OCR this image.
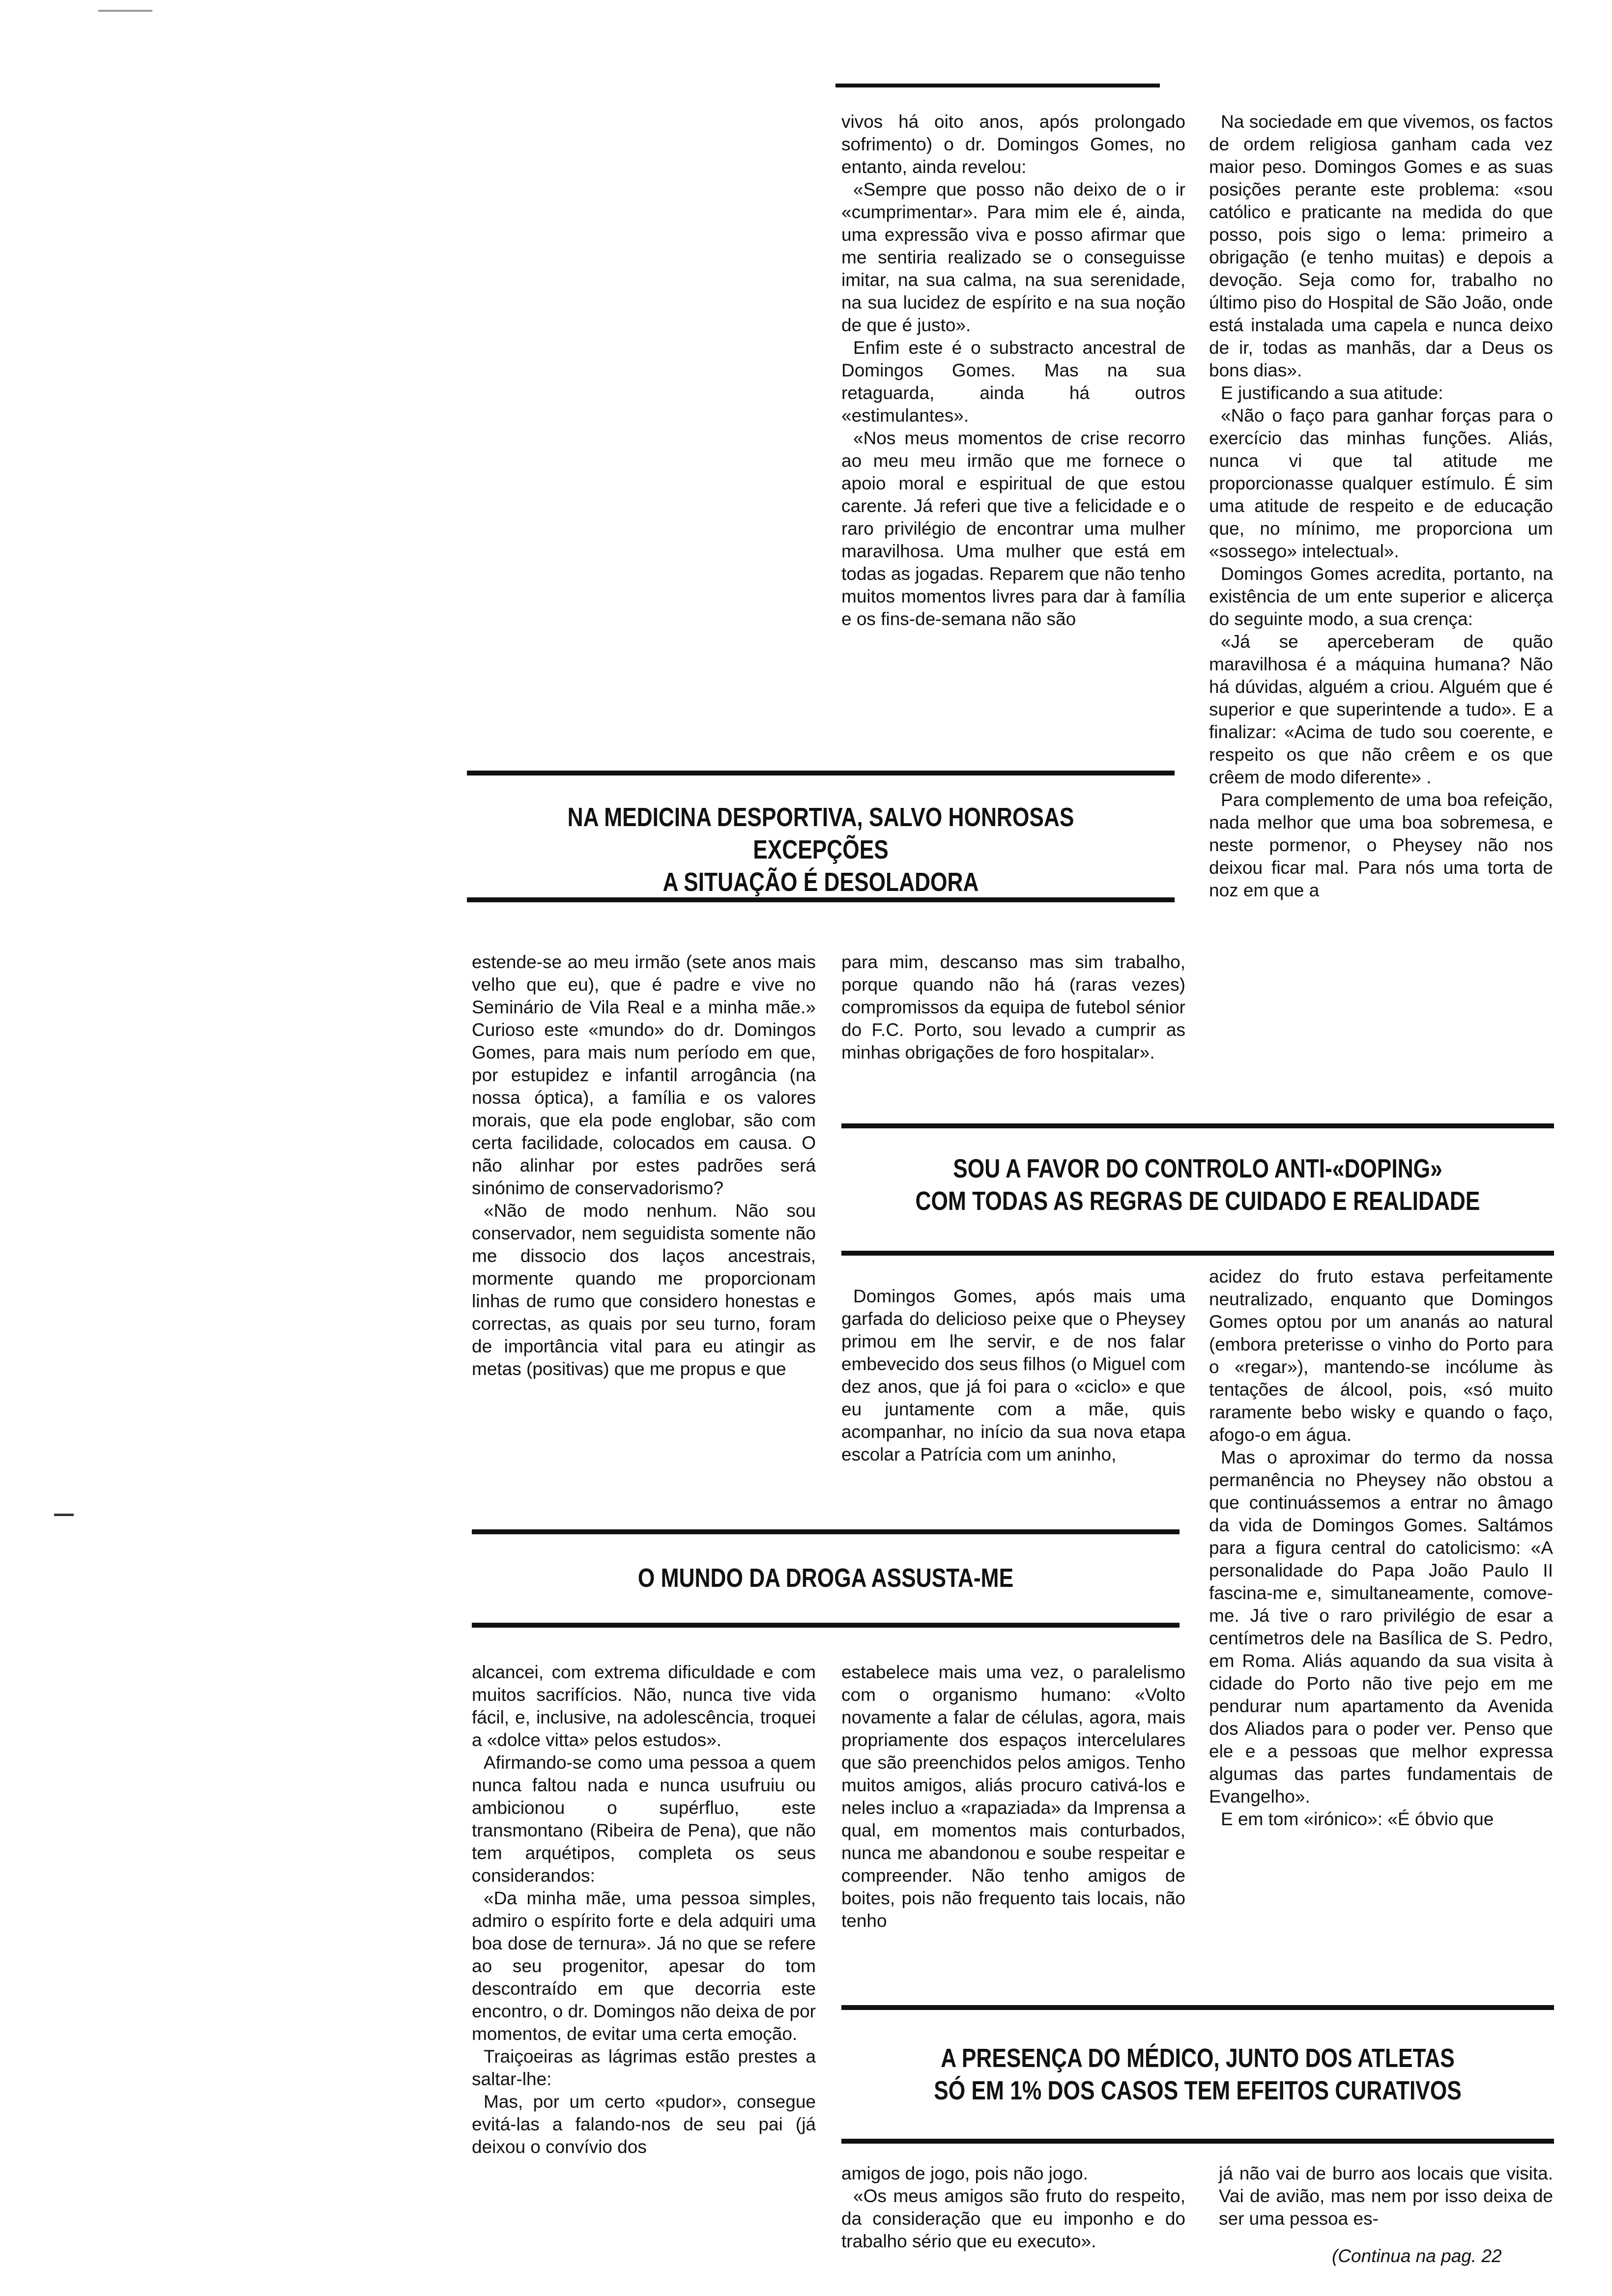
vivos há oito anos, após prolongado sofrimento) o dr. Domingos Gomes, no entanto, ainda revelou:

«Sempre que posso não deixo de o ir «cumprimentar». Para mim ele é, ainda, uma expressão viva e posso afirmar que me sentiria realizado se o conseguisse imitar, na sua calma, na sua serenidade, na sua lucidez de espírito e na sua noção de que é justo».

Enfim este é o substracto ancestral de Domingos Gomes. Mas na sua retaguarda, ainda há outros «estimulantes».

«Nos meus momentos de crise recorro ao meu meu irmão que me fornece o apoio moral e espiritual de que estou carente. Já referi que tive a felicidade e o raro privilégio de encontrar uma mulher maravilhosa. Uma mulher que está em todas as jogadas. Reparem que não tenho muitos momentos livres para dar à família e os fins-de-semana não são

Na sociedade em que vivemos, os factos de ordem religiosa ganham cada vez maior peso. Domingos Gomes e as suas posições perante este problema: «sou católico e praticante na medida do que posso, pois sigo o lema: primeiro a obrigação (e tenho muitas) e depois a devoção. Seja como for, trabalho no último piso do Hospital de São João, onde está instalada uma capela e nunca deixo de ir, todas as manhãs, dar a Deus os bons dias».

E justificando a sua atitude:

«Não o faço para ganhar forças para o exercício das minhas funções. Aliás, nunca vi que tal atitude me proporcionasse qualquer estímulo. É sim uma atitude de respeito e de educação que, no mínimo, me proporciona um «sossego» intelectual».

Domingos Gomes acredita, portanto, na existência de um ente superior e alicerça do seguinte modo, a sua crença:

«Já se aperceberam de quão maravilhosa é a máquina humana? Não há dúvidas, alguém a criou. Alguém que é superior e que superintende a tudo». E a finalizar: «Acima de tudo sou coerente, e respeito os que não crêem e os que crêem de modo diferente» .

Para complemento de uma boa refeição, nada melhor que uma boa sobremesa, e neste pormenor, o Pheysey não nos deixou ficar mal. Para nós uma torta de noz em que a

NA MEDICINA DESPORTIVA, SALVO HONROSAS EXCEPÇÕES
A SITUAÇÃO É DESOLADORA

estende-se ao meu irmão (sete anos mais velho que eu), que é padre e vive no Seminário de Vila Real e a minha mãe.» Curioso este «mundo» do dr. Domingos Gomes, para mais num período em que, por estupidez e infantil arrogância (na nossa óptica), a família e os valores morais, que ela pode englobar, são com certa facilidade, colocados em causa. O não alinhar por estes padrões será sinónimo de conservadorismo?

«Não de modo nenhum. Não sou conservador, nem seguidista somente não me dissocio dos laços ancestrais, mormente quando me proporcionam linhas de rumo que considero honestas e correctas, as quais por seu turno, foram de importância vital para eu atingir as metas (positivas) que me propus e que

para mim, descanso mas sim trabalho, porque quando não há (raras vezes) compromissos da equipa de futebol sénior do F.C. Porto, sou levado a cumprir as minhas obrigações de foro hospitalar».

SOU A FAVOR DO CONTROLO ANTI-«DOPING»
COM TODAS AS REGRAS DE CUIDADO E REALIDADE

Domingos Gomes, após mais uma garfada do delicioso peixe que o Pheysey primou em lhe servir, e de nos falar embevecido dos seus filhos (o Miguel com dez anos, que já foi para o «ciclo» e que eu juntamente com a mãe, quis acompanhar, no início da sua nova etapa escolar a Patrícia com um aninho,

acidez do fruto estava perfeitamente neutralizado, enquanto que Domingos Gomes optou por um ananás ao natural (embora preterisse o vinho do Porto para o «regar»), mantendo-se incólume às tentações de álcool, pois, «só muito raramente bebo wisky e quando o faço, afogo-o em água.

Mas o aproximar do termo da nossa permanência no Pheysey não obstou a que continuássemos a entrar no âmago da vida de Domingos Gomes. Saltámos para a figura central do catolicismo: «A personalidade do Papa João Paulo II fascina-me e, simultaneamente, comove-me. Já tive o raro privilégio de esar a centímetros dele na Basílica de S. Pedro, em Roma. Aliás aquando da sua visita à cidade do Porto não tive pejo em me pendurar num apartamento da Avenida dos Aliados para o poder ver. Penso que ele e a pessoas que melhor expressa algumas das partes fundamentais de Evangelho».

E em tom «irónico»: «É óbvio que

O MUNDO DA DROGA ASSUSTA-ME

alcancei, com extrema dificuldade e com muitos sacrifícios. Não, nunca tive vida fácil, e, inclusive, na adolescência, troquei a «dolce vitta» pelos estudos».

Afirmando-se como uma pessoa a quem nunca faltou nada e nunca usufruiu ou ambicionou o supérfluo, este transmontano (Ribeira de Pena), que não tem arquétipos, completa os seus considerandos:

«Da minha mãe, uma pessoa simples, admiro o espírito forte e dela adquiri uma boa dose de ternura». Já no que se refere ao seu progenitor, apesar do tom descontraído em que decorria este encontro, o dr. Domingos não deixa de por momentos, de evitar uma certa emoção.

Traiçoeiras as lágrimas estão prestes a saltar-lhe:

Mas, por um certo «pudor», consegue evitá-las a falando-nos de seu pai (já deixou o convívio dos

estabelece mais uma vez, o paralelismo com o organismo humano: «Volto novamente a falar de células, agora, mais propriamente dos espaços intercelulares que são preenchidos pelos amigos. Tenho muitos amigos, aliás procuro cativá-los e neles incluo a «rapaziada» da Imprensa a qual, em momentos mais conturbados, nunca me abandonou e soube respeitar e compreender. Não tenho amigos de boites, pois não frequento tais locais, não tenho

A PRESENÇA DO MÉDICO, JUNTO DOS ATLETAS
SÓ EM 1% DOS CASOS TEM EFEITOS CURATIVOS

amigos de jogo, pois não jogo.

«Os meus amigos são fruto do respeito, da consideração que eu imponho e do trabalho sério que eu executo».

já não vai de burro aos locais que visita. Vai de avião, mas nem por isso deixa de ser uma pessoa es-

(Continua na pag. 22
